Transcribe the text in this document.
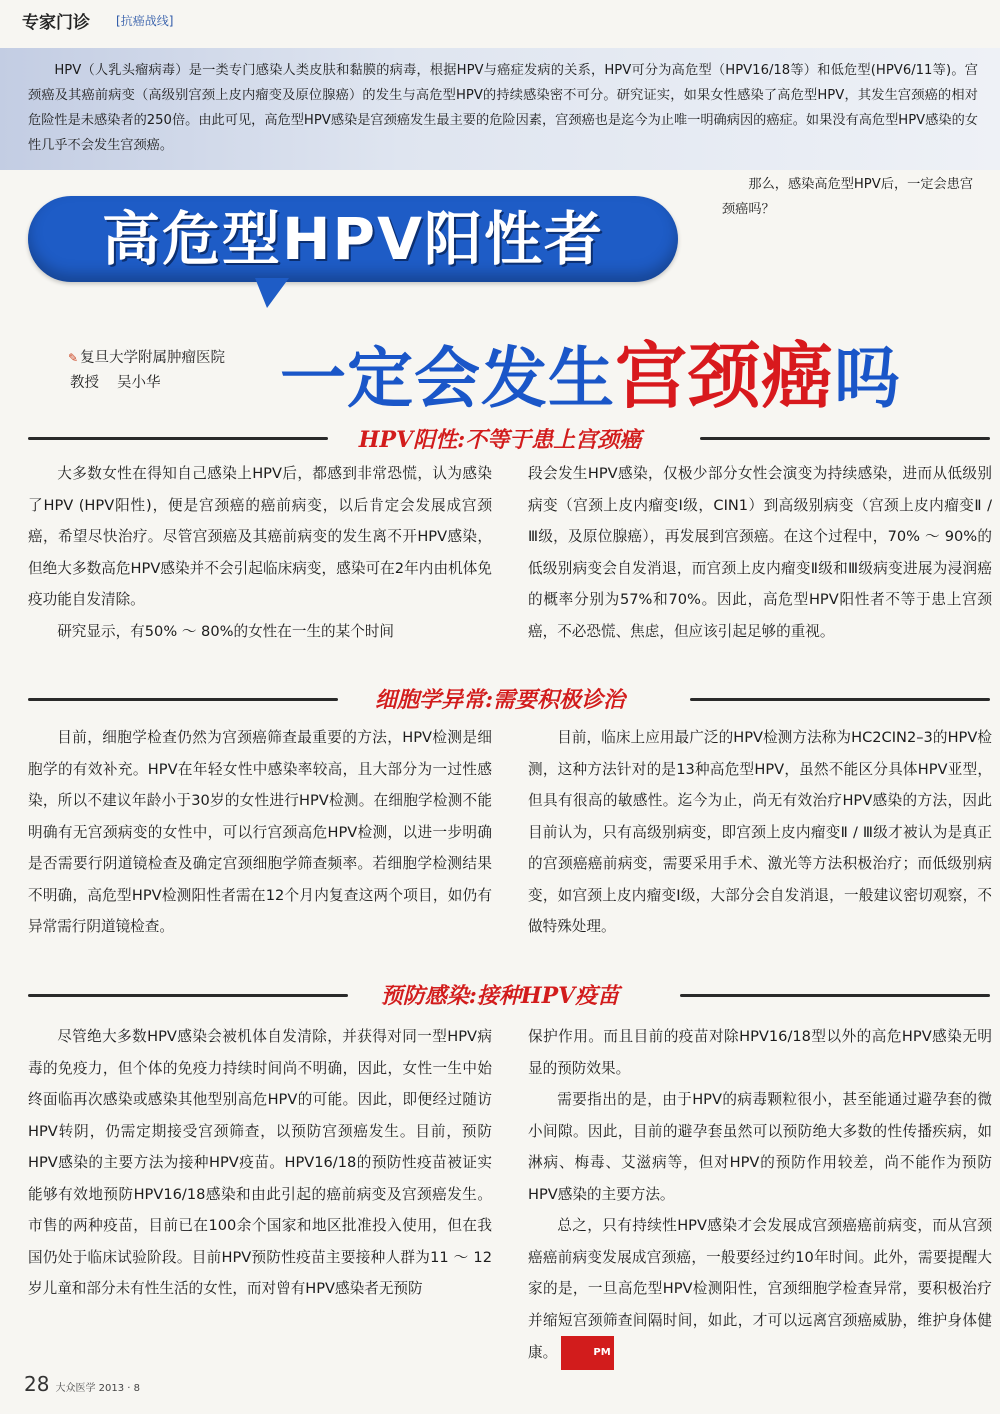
专家门诊
[	抗癌战线 ]

HPV（人乳头瘤病毒）是一类专门感染人类皮肤和黏膜的病毒，根据HPV与癌症发病的关系，HPV可分为高危型（HPV16/18等）和低危型(HPV6/11等)。宫颈癌及其癌前病变（高级别宫颈上皮内瘤变及原位腺癌）的发生与高危型HPV的持续感染密不可分。研究证实，如果女性感染了高危型HPV，其发生宫颈癌的相对危险性是未感染者的250倍。由此可见，高危型HPV感染是宫颈癌发生最主要的危险因素，宫颈癌也是迄今为止唯一明确病因的癌症。如果没有高危型HPV感染的女性几乎不会发生宫颈癌。

那么，感染高危型HPV后，一定会患宫颈癌吗？

高危型HPV阳性者
一定会发生宫颈癌吗
✎ 复旦大学附属肿瘤医院
教授 吴小华
HPV阳性:不等于患上宫颈癌

大多数女性在得知自己感染上HPV后，都感到非常恐慌，认为感染了HPV (HPV阳性)，便是宫颈癌的癌前病变，以后肯定会发展成宫颈癌，希望尽快治疗。尽管宫颈癌及其癌前病变的发生离不开HPV感染，但绝大多数高危HPV感染并不会引起临床病变，感染可在2年内由机体免疫功能自发清除。

研究显示，有50% ～ 80%的女性在一生的某个时间

段会发生HPV感染，仅极少部分女性会演变为持续感染，进而从低级别病变（宫颈上皮内瘤变Ⅰ级，CIN1）到高级别病变（宫颈上皮内瘤变Ⅱ / Ⅲ级，及原位腺癌），再发展到宫颈癌。在这个过程中，70% ～ 90%的低级别病变会自发消退，而宫颈上皮内瘤变Ⅱ级和Ⅲ级病变进展为浸润癌的概率分别为57%和70%。因此，高危型HPV阳性者不等于患上宫颈癌，不必恐慌、焦虑，但应该引起足够的重视。

细胞学异常:需要积极诊治

目前，细胞学检查仍然为宫颈癌筛查最重要的方法，HPV检测是细胞学的有效补充。HPV在年轻女性中感染率较高，且大部分为一过性感染，所以不建议年龄小于30岁的女性进行HPV检测。在细胞学检测不能明确有无宫颈病变的女性中，可以行宫颈高危HPV检测，以进一步明确是否需要行阴道镜检查及确定宫颈细胞学筛查频率。若细胞学检测结果不明确，高危型HPV检测阳性者需在12个月内复查这两个项目，如仍有异常需行阴道镜检查。

目前，临床上应用最广泛的HPV检测方法称为HC2CIN2–3的HPV检测，这种方法针对的是13种高危型HPV，虽然不能区分具体HPV亚型，但具有很高的敏感性。迄今为止，尚无有效治疗HPV感染的方法，因此目前认为，只有高级别病变，即宫颈上皮内瘤变Ⅱ / Ⅲ级才被认为是真正的宫颈癌癌前病变，需要采用手术、激光等方法积极治疗；而低级别病变，如宫颈上皮内瘤变Ⅰ级，大部分会自发消退，一般建议密切观察，不做特殊处理。

预防感染:接种HPV疫苗

尽管绝大多数HPV感染会被机体自发清除，并获得对同一型HPV病毒的免疫力，但个体的免疫力持续时间尚不明确，因此，女性一生中始终面临再次感染或感染其他型别高危HPV的可能。因此，即便经过随访HPV转阴，仍需定期接受宫颈筛查，以预防宫颈癌发生。目前，预防HPV感染的主要方法为接种HPV疫苗。HPV16/18的预防性疫苗被证实能够有效地预防HPV16/18感染和由此引起的癌前病变及宫颈癌发生。市售的两种疫苗，目前已在100余个国家和地区批准投入使用，但在我国仍处于临床试验阶段。目前HPV预防性疫苗主要接种人群为11 ～ 12岁儿童和部分未有性生活的女性，而对曾有HPV感染者无预防

保护作用。而且目前的疫苗对除HPV16/18型以外的高危HPV感染无明显的预防效果。

需要指出的是，由于HPV的病毒颗粒很小，甚至能通过避孕套的微小间隙。因此，目前的避孕套虽然可以预防绝大多数的性传播疾病，如淋病、梅毒、艾滋病等，但对HPV的预防作用较差，尚不能作为预防HPV感染的主要方法。

总之，只有持续性HPV感染才会发展成宫颈癌癌前病变，而从宫颈癌癌前病变发展成宫颈癌，一般要经过约10年时间。此外，需要提醒大家的是，一旦高危型HPV检测阳性，宫颈细胞学检查异常，要积极治疗并缩短宫颈筛查间隔时间，如此，才可以远离宫颈癌威胁，维护身体健康。	PM

28 大众医学 2013 · 8
